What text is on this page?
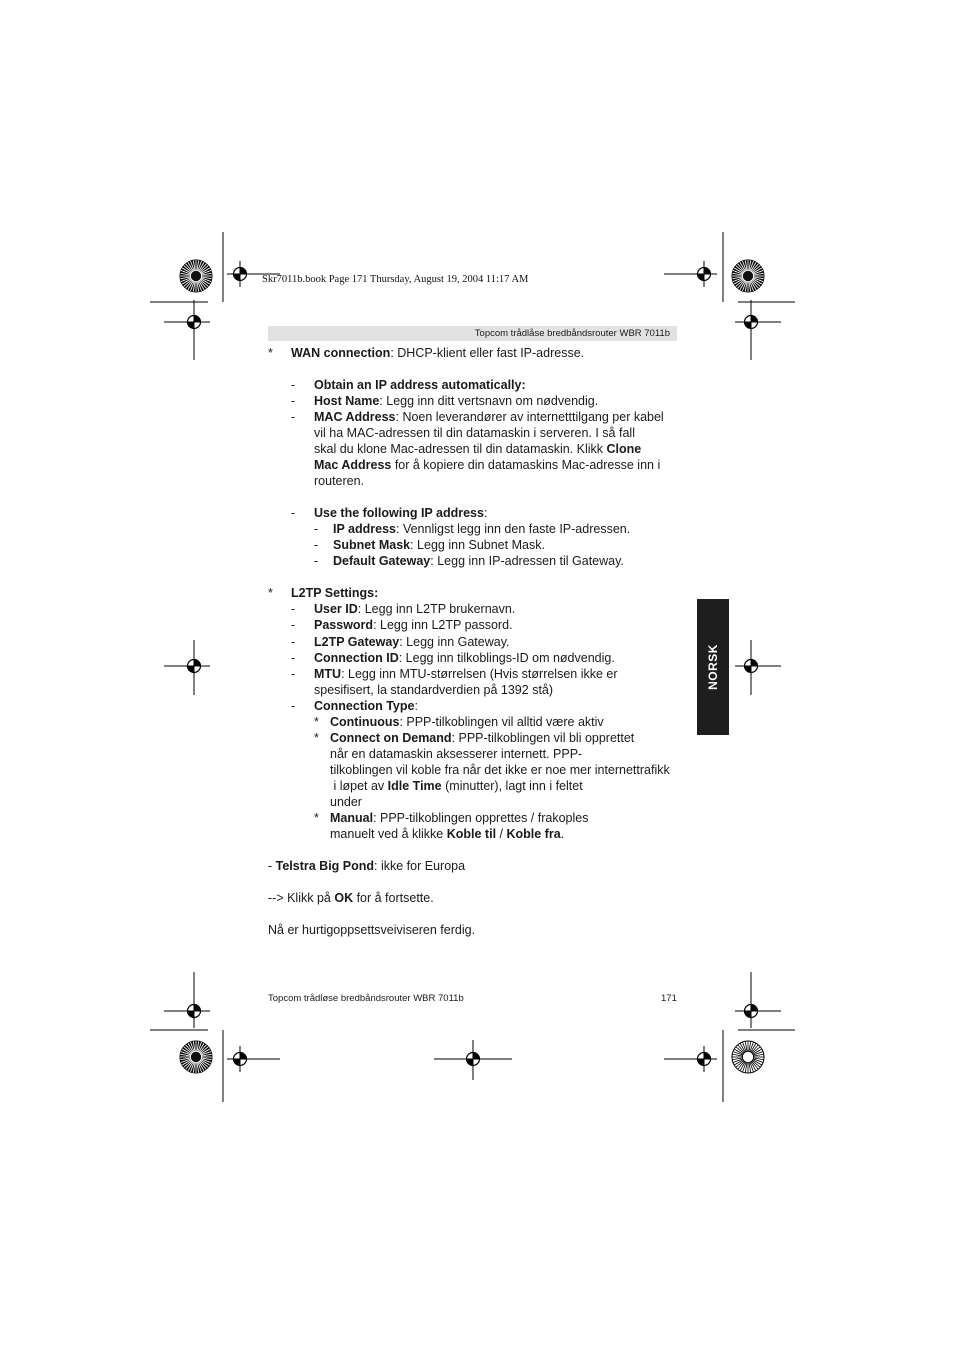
Skr7011b.book Page 171 Thursday, August 19, 2004 11:17 AM
Topcom trådlåse bredbåndsrouter WBR 7011b
NORSK
* WAN connection: DHCP-klient eller fast IP-adresse.
- Obtain an IP address automatically:
- Host Name: Legg inn ditt vertsnavn om nødvendig.
- MAC Address: Noen leverandører av internetttilgang per kabel
vil ha MAC-adressen til din datamaskin i serveren. I så fall
skal du klone Mac-adressen til din datamaskin. Klikk Clone
Mac Address for å kopiere din datamaskins Mac-adresse inn i
routeren.
- Use the following IP address:
- IP address: Vennligst legg inn den faste IP-adressen.
- Subnet Mask: Legg inn Subnet Mask.
- Default Gateway: Legg inn IP-adressen til Gateway.
* L2TP Settings:
- User ID: Legg inn L2TP brukernavn.
- Password: Legg inn L2TP passord.
- L2TP Gateway: Legg inn Gateway.
- Connection ID: Legg inn tilkoblings-ID om nødvendig.
- MTU: Legg inn MTU-størrelsen (Hvis størrelsen ikke er
spesifisert, la standardverdien på 1392 stå)
- Connection Type:
* Continuous: PPP-tilkoblingen vil alltid være aktiv
* Connect on Demand: PPP-tilkoblingen vil bli opprettet
når en datamaskin aksesserer internett. PPP-
tilkoblingen vil koble fra når det ikke er noe mer internettrafikk
i løpet av Idle Time (minutter), lagt inn i feltet
under
* Manual: PPP-tilkoblingen opprettes / frakoples
manuelt ved å klikke Koble til / Koble fra.
- Telstra Big Pond: ikke for Europa
--> Klikk på OK for å fortsette.
Nå er hurtigoppsettsveiviseren ferdig.
Topcom trådløse bredbåndsrouter WBR 7011b	171
